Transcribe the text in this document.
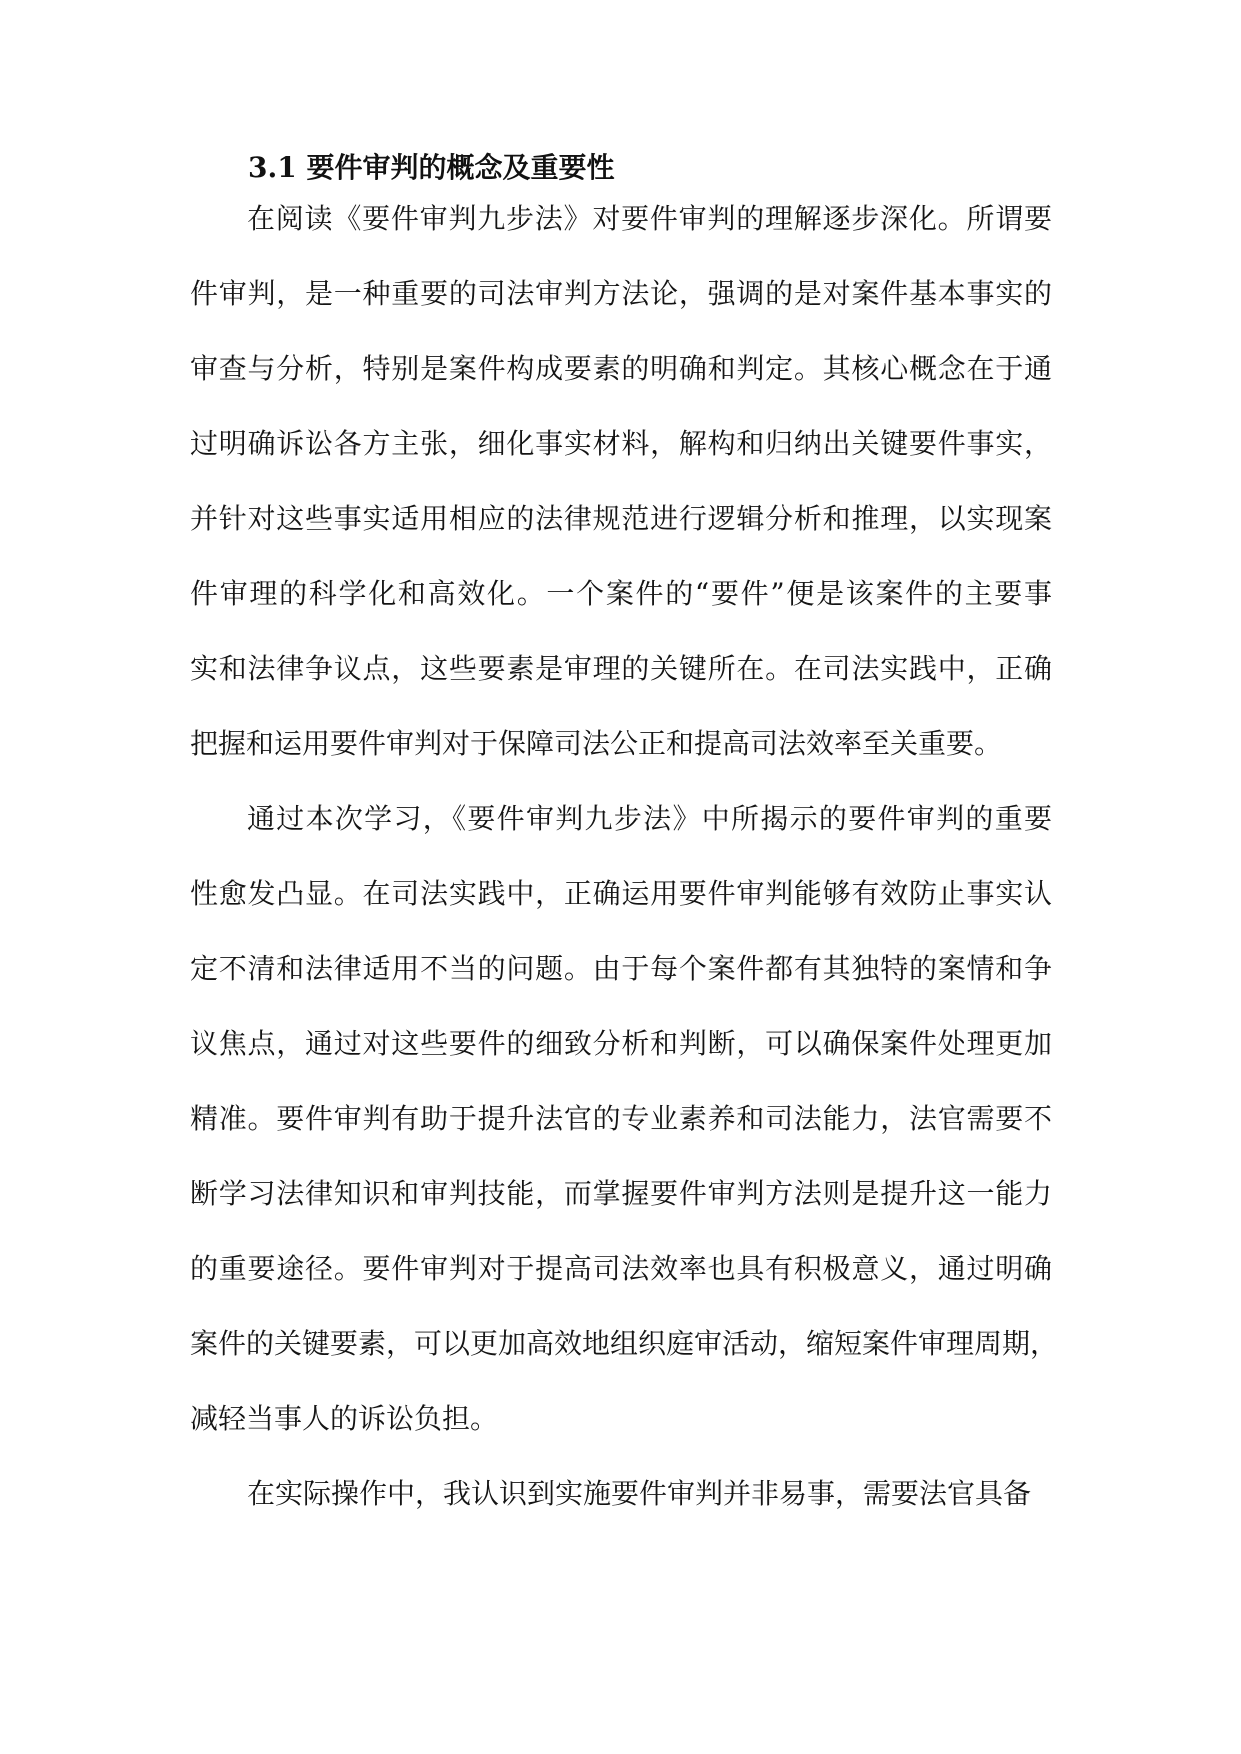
3.1 要件审判的概念及重要性
在阅读《要件审判九步法》对要件审判的理解逐步深化。所谓要
件审判，是一种重要的司法审判方法论，强调的是对案件基本事实的
审查与分析，特别是案件构成要素的明确和判定。其核心概念在于通
过明确诉讼各方主张，细化事实材料，解构和归纳出关键要件事实，
并针对这些事实适用相应的法律规范进行逻辑分析和推理，以实现案
件审理的科学化和高效化。一个案件的“要件”便是该案件的主要事
实和法律争议点，这些要素是审理的关键所在。在司法实践中，正确
把握和运用要件审判对于保障司法公正和提高司法效率至关重要。
通过本次学习，《要件审判九步法》中所揭示的要件审判的重要
性愈发凸显。在司法实践中，正确运用要件审判能够有效防止事实认
定不清和法律适用不当的问题。由于每个案件都有其独特的案情和争
议焦点，通过对这些要件的细致分析和判断，可以确保案件处理更加
精准。要件审判有助于提升法官的专业素养和司法能力，法官需要不
断学习法律知识和审判技能，而掌握要件审判方法则是提升这一能力
的重要途径。要件审判对于提高司法效率也具有积极意义，通过明确
案件的关键要素，可以更加高效地组织庭审活动，缩短案件审理周期，
减轻当事人的诉讼负担。
在实际操作中，我认识到实施要件审判并非易事，需要法官具备
